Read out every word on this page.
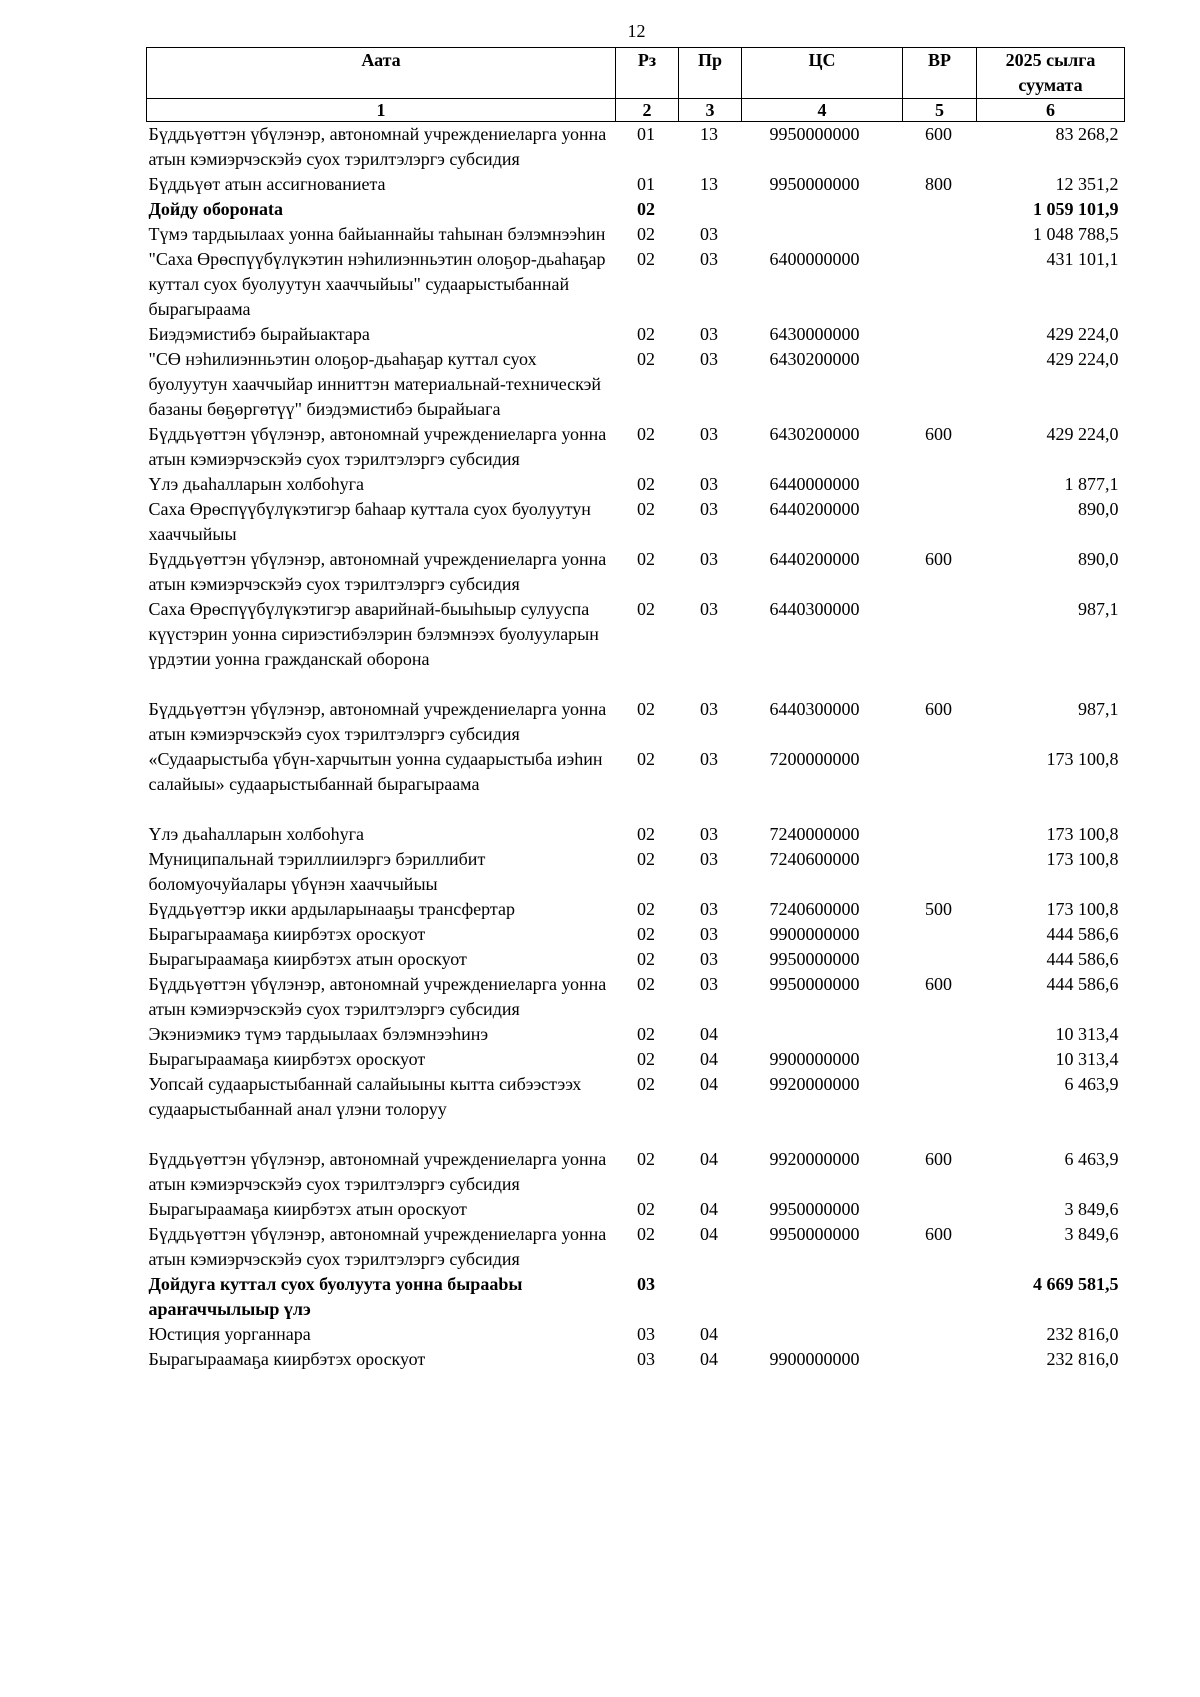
12
Аата	Рз	Пр	ЦС	ВР	2025 сылга суумата
1	2	3	4	5	6
Бүддьүөттэн үбүлэнэр, автономнай учреждениеларга уонна атын кэмиэрчэскэйэ суох тэрилтэлэргэ субсидия	01	13	9950000000	600	83 268,2
Бүддьүөт атын ассигнованиета	01	13	9950000000	800	12 351,2
Дойду оборонata	02				1 059 101,9
Түмэ тардыылаах уонна байыаннайы таһынан бэлэмнээһин	02	03			1 048 788,5
"Саха Өрөспүүбүлүкэтин нэһилиэнньэтин олоҕор-дьаһаҕар куттал суох буолуутун хааччыйыы" судаарыстыбаннай бырагыраама	02	03	6400000000		431 101,1
Биэдэмистибэ бырайыактара	02	03	6430000000		429 224,0
"СӨ нэһилиэнньэтин олоҕор-дьаһаҕар куттал суох буолуутун хааччыйар инниттэн материальнай-техническэй базаны бөҕөргөтүү" биэдэмистибэ бырайыага	02	03	6430200000		429 224,0
Бүддьүөттэн үбүлэнэр, автономнай учреждениеларга уонна атын кэмиэрчэскэйэ суох тэрилтэлэргэ субсидия	02	03	6430200000	600	429 224,0
Үлэ дьаһалларын холбоһуга	02	03	6440000000		1 877,1
Саха Өрөспүүбүлүкэтигэр баһаар куттала суох буолуутун хааччыйыы	02	03	6440200000		890,0
Бүддьүөттэн үбүлэнэр, автономнай учреждениеларга уонна атын кэмиэрчэскэйэ суох тэрилтэлэргэ субсидия	02	03	6440200000	600	890,0
Саха Өрөспүүбүлүкэтигэр аварийнай-быыһыыр сулууспа күүстэрин уонна сириэстибэлэрин бэлэмнээх буолууларын үрдэтии уонна гражданскай оборона	02	03	6440300000		987,1
Бүддьүөттэн үбүлэнэр, автономнай учреждениеларга уонна атын кэмиэрчэскэйэ суох тэрилтэлэргэ субсидия	02	03	6440300000	600	987,1
«Судаарыстыба үбүн-харчытын уонна судаарыстыба иэһин салайыы» судаарыстыбаннай бырагыраама	02	03	7200000000		173 100,8
Үлэ дьаһалларын холбоһуга	02	03	7240000000		173 100,8
Муниципальнай тэриллиилэргэ бэриллибит боломуочуйалары үбүнэн хааччыйыы	02	03	7240600000		173 100,8
Бүддьүөттэр икки ардыларынааҕы трансфертар	02	03	7240600000	500	173 100,8
Бырагыраамаҕа киирбэтэх ороскуот	02	03	9900000000		444 586,6
Бырагыраамаҕа киирбэтэх атын ороскуот	02	03	9950000000		444 586,6
Бүддьүөттэн үбүлэнэр, автономнай учреждениеларга уонна атын кэмиэрчэскэйэ суох тэрилтэлэргэ субсидия	02	03	9950000000	600	444 586,6
Экэниэмикэ түмэ тардыылаах бэлэмнээһинэ	02	04			10 313,4
Бырагыраамаҕа киирбэтэх ороскуот	02	04	9900000000		10 313,4
Уопсай судаарыстыбаннай салайыыны кыттa сибээстээх судаарыстыбаннай анал үлэни толоруу	02	04	9920000000		6 463,9
Бүддьүөттэн үбүлэнэр, автономнай учреждениеларга уонна атын кэмиэрчэскэйэ суох тэрилтэлэргэ субсидия	02	04	9920000000	600	6 463,9
Бырагыраамаҕа киирбэтэх атын ороскуот	02	04	9950000000		3 849,6
Бүддьүөттэн үбүлэнэр, автономнай учреждениеларга уонна атын кэмиэрчэскэйэ суох тэрилтэлэргэ субсидия	02	04	9950000000	600	3 849,6
Дойдуга куттал суох буолуута уонна бырааbы араҥаччылыыр үлэ	03				4 669 581,5
Юстиция уорганнара	03	04			232 816,0
Бырагыраамаҕа киирбэтэх ороскуот	03	04	9900000000		232 816,0
